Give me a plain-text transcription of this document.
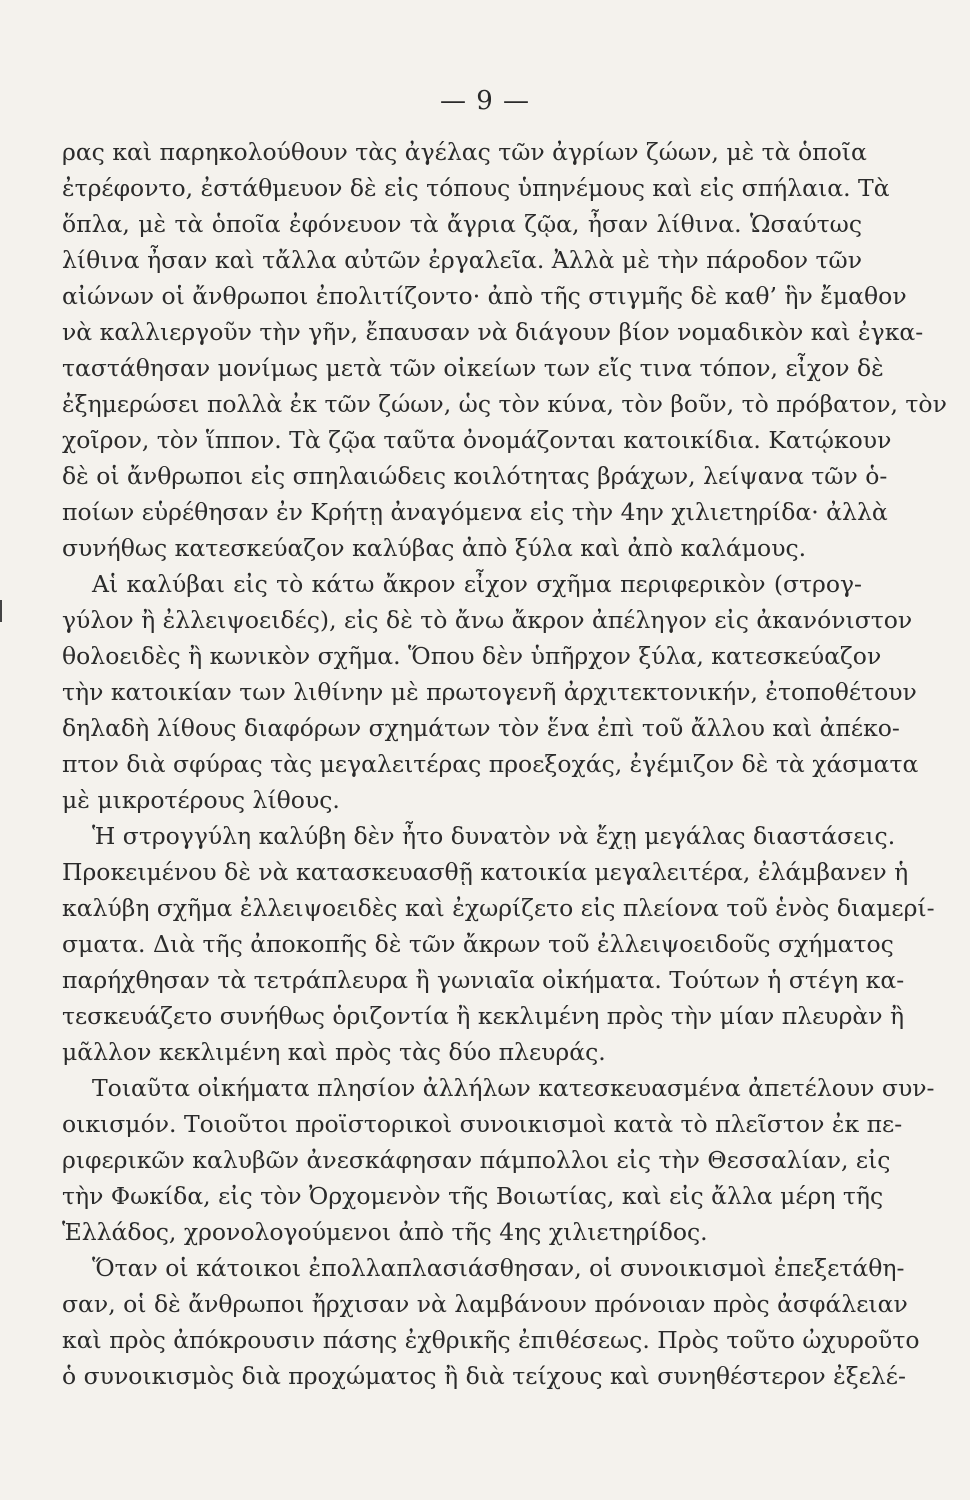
— 9 —
ρας καὶ παρηκολούθουν τὰς ἀγέλας τῶν ἀγρίων ζώων, μὲ τὰ ὁποῖα
ἐτρέφοντο, ἐστάθμευον δὲ εἰς τόπους ὑπηνέμους καὶ εἰς σπήλαια. Τὰ
ὅπλα, μὲ τὰ ὁποῖα ἐφόνευον τὰ ἄγρια ζῷα, ἦσαν λίθινα. Ὡσαύτως
λίθινα ἦσαν καὶ τἄλλα αὐτῶν ἐργαλεῖα. Ἀλλὰ μὲ τὴν πάροδον τῶν
αἰώνων οἱ ἄνθρωποι ἐπολιτίζοντο· ἀπὸ τῆς στιγμῆς δὲ καθ’ ἣν ἔμαθον
νὰ καλλιεργοῦν τὴν γῆν, ἔπαυσαν νὰ διάγουν βίον νομαδικὸν καὶ ἐγκα-
ταστάθησαν μονίμως μετὰ τῶν οἰκείων των εἴς τινα τόπον, εἶχον δὲ
ἐξημερώσει πολλὰ ἐκ τῶν ζώων, ὡς τὸν κύνα, τὸν βοῦν, τὸ πρόβατον, τὸν
χοῖρον, τὸν ἵππον. Τὰ ζῷα ταῦτα ὀνομάζονται κατοικίδια. Κατῴκουν
δὲ οἱ ἄνθρωποι εἰς σπηλαιώδεις κοιλότητας βράχων, λείψανα τῶν ὁ-
ποίων εὑρέθησαν ἐν Κρήτῃ ἀναγόμενα εἰς τὴν 4ην χιλιετηρίδα· ἀλλὰ
συνήθως κατεσκεύαζον καλύβας ἀπὸ ξύλα καὶ ἀπὸ καλάμους.
Αἱ καλύβαι εἰς τὸ κάτω ἄκρον εἶχον σχῆμα περιφερικὸν (στρογ-
γύλον ἢ ἐλλειψοειδές), εἰς δὲ τὸ ἄνω ἄκρον ἀπέληγον εἰς ἀκανόνιστον
θολοειδὲς ἢ κωνικὸν σχῆμα. Ὅπου δὲν ὑπῆρχον ξύλα, κατεσκεύαζον
τὴν κατοικίαν των λιθίνην μὲ πρωτογενῆ ἀρχιτεκτονικήν, ἐτοποθέτουν
δηλαδὴ λίθους διαφόρων σχημάτων τὸν ἕνα ἐπὶ τοῦ ἄλλου καὶ ἀπέκο-
πτον διὰ σφύρας τὰς μεγαλειτέρας προεξοχάς, ἐγέμιζον δὲ τὰ χάσματα
μὲ μικροτέρους λίθους.
Ἡ στρογγύλη καλύβη δὲν ἦτο δυνατὸν νὰ ἔχῃ μεγάλας διαστάσεις.
Προκειμένου δὲ νὰ κατασκευασθῇ κατοικία μεγαλειτέρα, ἐλάμβανεν ἡ
καλύβη σχῆμα ἐλλειψοειδὲς καὶ ἐχωρίζετο εἰς πλείονα τοῦ ἑνὸς διαμερί-
σματα. Διὰ τῆς ἀποκοπῆς δὲ τῶν ἄκρων τοῦ ἐλλειψοειδοῦς σχήματος
παρήχθησαν τὰ τετράπλευρα ἢ γωνιαῖα οἰκήματα. Τούτων ἡ στέγη κα-
τεσκευάζετο συνήθως ὁριζοντία ἢ κεκλιμένη πρὸς τὴν μίαν πλευρὰν ἢ
μᾶλλον κεκλιμένη καὶ πρὸς τὰς δύο πλευράς.
Τοιαῦτα οἰκήματα πλησίον ἀλλήλων κατεσκευασμένα ἀπετέλουν συν-
οικισμόν. Τοιοῦτοι προϊστορικοὶ συνοικισμοὶ κατὰ τὸ πλεῖστον ἐκ πε-
ριφερικῶν καλυβῶν ἀνεσκάφησαν πάμπολλοι εἰς τὴν Θεσσαλίαν, εἰς
τὴν Φωκίδα, εἰς τὸν Ὀρχομενὸν τῆς Βοιωτίας, καὶ εἰς ἄλλα μέρη τῆς
Ἑλλάδος, χρονολογούμενοι ἀπὸ τῆς 4ης χιλιετηρίδος.
Ὅταν οἱ κάτοικοι ἐπολλαπλασιάσθησαν, οἱ συνοικισμοὶ ἐπεξετάθη-
σαν, οἱ δὲ ἄνθρωποι ἤρχισαν νὰ λαμβάνουν πρόνοιαν πρὸς ἀσφάλειαν
καὶ πρὸς ἀπόκρουσιν πάσης ἐχθρικῆς ἐπιθέσεως. Πρὸς τοῦτο ὠχυροῦτο
ὁ συνοικισμὸς διὰ προχώματος ἢ διὰ τείχους καὶ συνηθέστερον ἐξελέ-
